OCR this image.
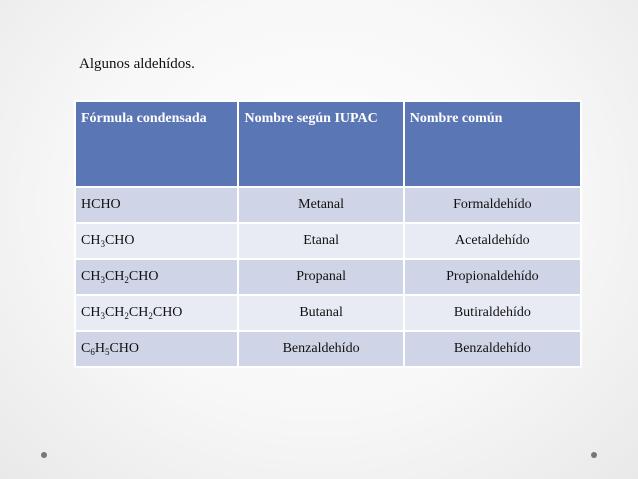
Algunos aldehídos.
Fórmula condensada	Nombre según IUPAC	Nombre común
HCHO	Metanal	Formaldehído
$CH_3CHO$	Etanal	Acetaldehído
$CH_3CH_2CHO$	Propanal	Propionaldehído
$CH_3CH_2CH_2CHO$	Butanal	Butiraldehído
$C_6H_5CHO$	Benzaldehído	Benzaldehído
